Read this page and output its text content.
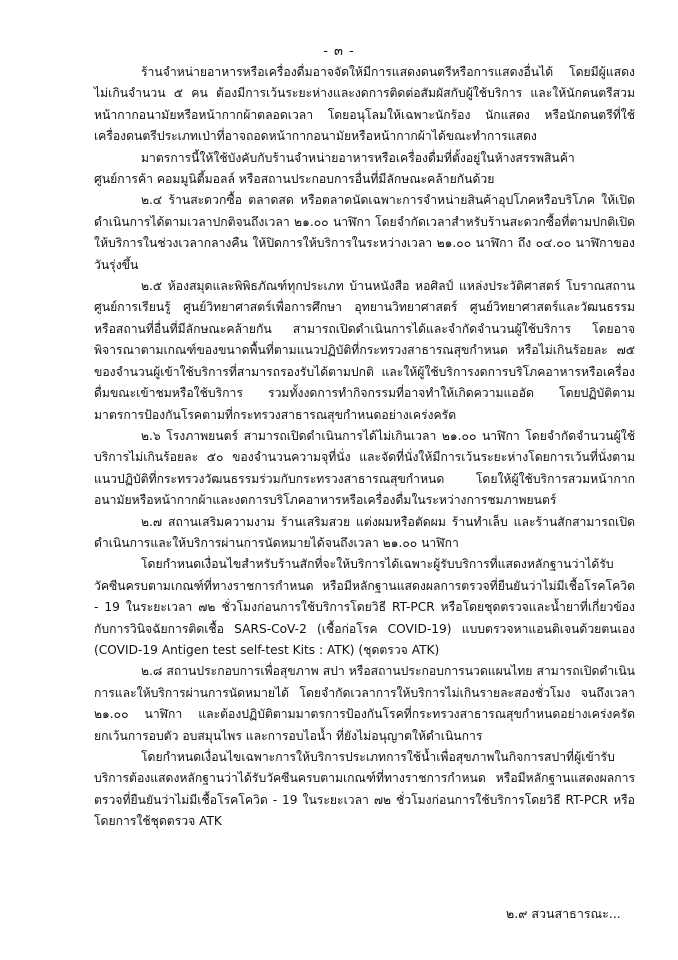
- ๓ -

ร้านจำหน่ายอาหารหรือเครื่องดื่มอาจจัดให้มีการแสดงดนตรีหรือการแสดงอื่นได้ โดยมีผู้แสดงไม่เกินจำนวน ๕ คน ต้องมีการเว้นระยะห่างและงดการติดต่อสัมผัสกับผู้ใช้บริการ และให้นักดนตรีสวมหน้ากากอนามัยหรือหน้ากากผ้าตลอดเวลา โดยอนุโลมให้เฉพาะนักร้อง นักแสดง หรือนักดนตรีที่ใช้เครื่องดนตรีประเภทเป่าที่อาจถอดหน้ากากอนามัยหรือหน้ากากผ้าได้ขณะทำการแสดง

มาตรการนี้ให้ใช้บังคับกับร้านจำหน่ายอาหารหรือเครื่องดื่มที่ตั้งอยู่ในห้างสรรพสินค้า ศูนย์การค้า คอมมูนิตี้มอลล์ หรือสถานประกอบการอื่นที่มีลักษณะคล้ายกันด้วย

๒.๔ ร้านสะดวกซื้อ ตลาดสด หรือตลาดนัดเฉพาะการจำหน่ายสินค้าอุปโภคหรือบริโภค ให้เปิดดำเนินการได้ตามเวลาปกติจนถึงเวลา ๒๑.๐๐ นาฬิกา โดยจำกัดเวลาสำหรับร้านสะดวกซื้อที่ตามปกติเปิดให้บริการในช่วงเวลากลางคืน ให้ปิดการให้บริการในระหว่างเวลา ๒๑.๐๐ นาฬิกา ถึง ๐๔.๐๐ นาฬิกาของวันรุ่งขึ้น

๒.๕ ห้องสมุดและพิพิธภัณฑ์ทุกประเภท บ้านหนังสือ หอศิลป์ แหล่งประวัติศาสตร์ โบราณสถาน ศูนย์การเรียนรู้ ศูนย์วิทยาศาสตร์เพื่อการศึกษา อุทยานวิทยาศาสตร์ ศูนย์วิทยาศาสตร์และวัฒนธรรม หรือสถานที่อื่นที่มีลักษณะคล้ายกัน สามารถเปิดดำเนินการได้และจำกัดจำนวนผู้ใช้บริการ โดยอาจพิจารณาตามเกณฑ์ของขนาดพื้นที่ตามแนวปฏิบัติที่กระทรวงสาธารณสุขกำหนด หรือไม่เกินร้อยละ ๗๕ ของจำนวนผู้เข้าใช้บริการที่สามารถรองรับได้ตามปกติ และให้ผู้ใช้บริการงดการบริโภคอาหารหรือเครื่องดื่มขณะเข้าชมหรือใช้บริการ รวมทั้งงดการทำกิจกรรมที่อาจทำให้เกิดความแออัด โดยปฏิบัติตามมาตรการป้องกันโรคตามที่กระทรวงสาธารณสุขกำหนดอย่างเคร่งครัด

๒.๖ โรงภาพยนตร์ สามารถเปิดดำเนินการได้ไม่เกินเวลา ๒๑.๐๐ นาฬิกา โดยจำกัดจำนวนผู้ใช้บริการไม่เกินร้อยละ ๕๐ ของจำนวนความจุที่นั่ง และจัดที่นั่งให้มีการเว้นระยะห่างโดยการเว้นที่นั่งตามแนวปฏิบัติที่กระทรวงวัฒนธรรมร่วมกับกระทรวงสาธารณสุขกำหนด โดยให้ผู้ใช้บริการสวมหน้ากากอนามัยหรือหน้ากากผ้าและงดการบริโภคอาหารหรือเครื่องดื่มในระหว่างการชมภาพยนตร์

๒.๗ สถานเสริมความงาม ร้านเสริมสวย แต่งผมหรือตัดผม ร้านทำเล็บ และร้านสักสามารถเปิดดำเนินการและให้บริการผ่านการนัดหมายได้จนถึงเวลา ๒๑.๐๐ นาฬิกา

โดยกำหนดเงื่อนไขสำหรับร้านสักที่จะให้บริการได้เฉพาะผู้รับบริการที่แสดงหลักฐานว่าได้รับวัคซีนครบตามเกณฑ์ที่ทางราชการกำหนด หรือมีหลักฐานแสดงผลการตรวจที่ยืนยันว่าไม่มีเชื้อโรคโควิด - 19 ในระยะเวลา ๗๒ ชั่วโมงก่อนการใช้บริการโดยวิธี RT-PCR หรือโดยชุดตรวจและน้ำยาที่เกี่ยวข้องกับการวินิจฉัยการติดเชื้อ SARS-CoV-2 (เชื้อก่อโรค COVID-19) แบบตรวจหาแอนติเจนด้วยตนเอง (COVID-19 Antigen test self-test Kits : ATK) (ชุดตรวจ ATK)

๒.๘ สถานประกอบการเพื่อสุขภาพ สปา หรือสถานประกอบการนวดแผนไทย สามารถเปิดดำเนินการและให้บริการผ่านการนัดหมายได้ โดยจำกัดเวลาการให้บริการไม่เกินรายละสองชั่วโมง จนถึงเวลา ๒๑.๐๐ นาฬิกา และต้องปฏิบัติตามมาตรการป้องกันโรคที่กระทรวงสาธารณสุขกำหนดอย่างเคร่งครัด ยกเว้นการอบตัว อบสมุนไพร และการอบไอน้ำ ที่ยังไม่อนุญาตให้ดำเนินการ

โดยกำหนดเงื่อนไขเฉพาะการให้บริการประเภทการใช้น้ำเพื่อสุขภาพในกิจการสปาที่ผู้เข้ารับบริการต้องแสดงหลักฐานว่าได้รับวัคซีนครบตามเกณฑ์ที่ทางราชการกำหนด หรือมีหลักฐานแสดงผลการตรวจที่ยืนยันว่าไม่มีเชื้อโรคโควิด - 19 ในระยะเวลา ๗๒ ชั่วโมงก่อนการใช้บริการโดยวิธี RT-PCR หรือโดยการใช้ชุดตรวจ ATK

๒.๙ สวนสาธารณะ...
